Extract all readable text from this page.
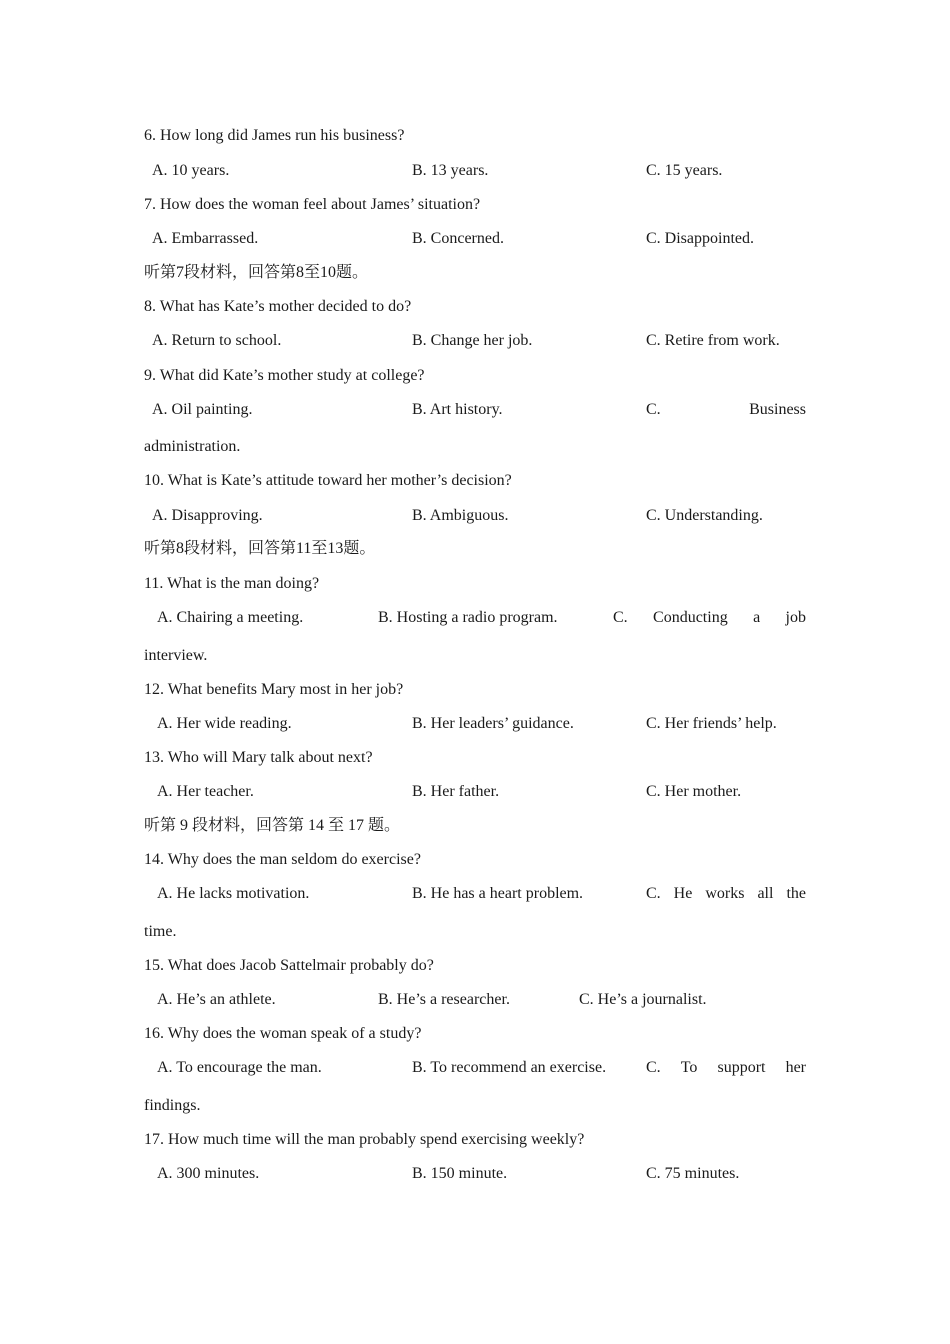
6. How long did James run his business?
A. 10 years.	B. 13 years.	C. 15 years.
7. How does the woman feel about James’ situation?
A. Embarrassed.	B. Concerned.	C. Disappointed.
听第7段材料，回答第8至10题。
8. What has Kate’s mother decided to do?
A. Return to school.	B. Change her job.	C. Retire from work.
9. What did Kate’s mother study at college?
A. Oil painting.	B. Art history.	C.	Business
administration.
10. What is Kate’s attitude toward her mother’s decision?
A. Disapproving.	B. Ambiguous.	C. Understanding.
听第8段材料，回答第11至13题。
11. What is the man doing?
A. Chairing a meeting.	B. Hosting a radio program.	C. Conducting a job
interview.
12. What benefits Mary most in her job?
A. Her wide reading.	B. Her leaders’ guidance.	C. Her friends’ help.
13. Who will Mary talk about next?
A. Her teacher.	B. Her father.	C. Her mother.
听第 9 段材料，回答第 14 至 17 题。
14. Why does the man seldom do exercise?
A. He lacks motivation.	B. He has a heart problem.	C. He works all the
time.
15. What does Jacob Sattelmair probably do?
A. He’s an athlete.	B. He’s a researcher.	C. He’s a journalist.
16. Why does the woman speak of a study?
A. To encourage the man.	B. To recommend an exercise. C. To support her
findings.
17. How much time will the man probably spend exercising weekly?
A. 300 minutes.	B. 150 minute.	C. 75 minutes.
